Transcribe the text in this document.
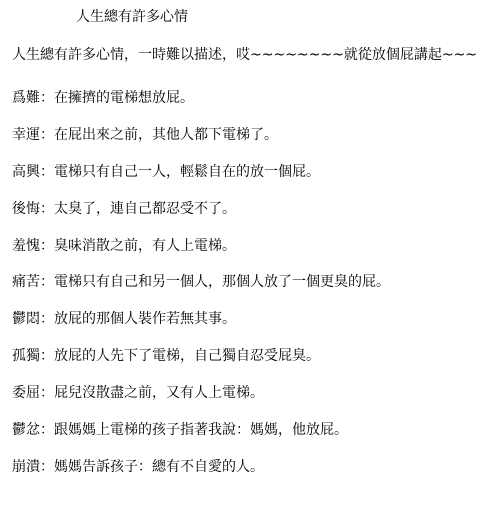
人生總有許多心情
人生總有許多心情，一時難以描述，哎~~~~~~~~就從放個屁講起~~~
爲難：在擁擠的電梯想放屁。
幸運：在屁出來之前，其他人都下電梯了。
高興：電梯只有自己一人，輕鬆自在的放一個屁。
後悔：太臭了，連自己都忍受不了。
羞愧：臭味消散之前，有人上電梯。
痛苦：電梯只有自己和另一個人，那個人放了一個更臭的屁。
鬱悶：放屁的那個人裝作若無其事。
孤獨：放屁的人先下了電梯，自己獨自忍受屁臭。
委屈：屁兒沒散盡之前，又有人上電梯。
鬱忿：跟媽媽上電梯的孩子指著我說：媽媽，他放屁。
崩潰：媽媽告訴孩子：總有不自愛的人。
